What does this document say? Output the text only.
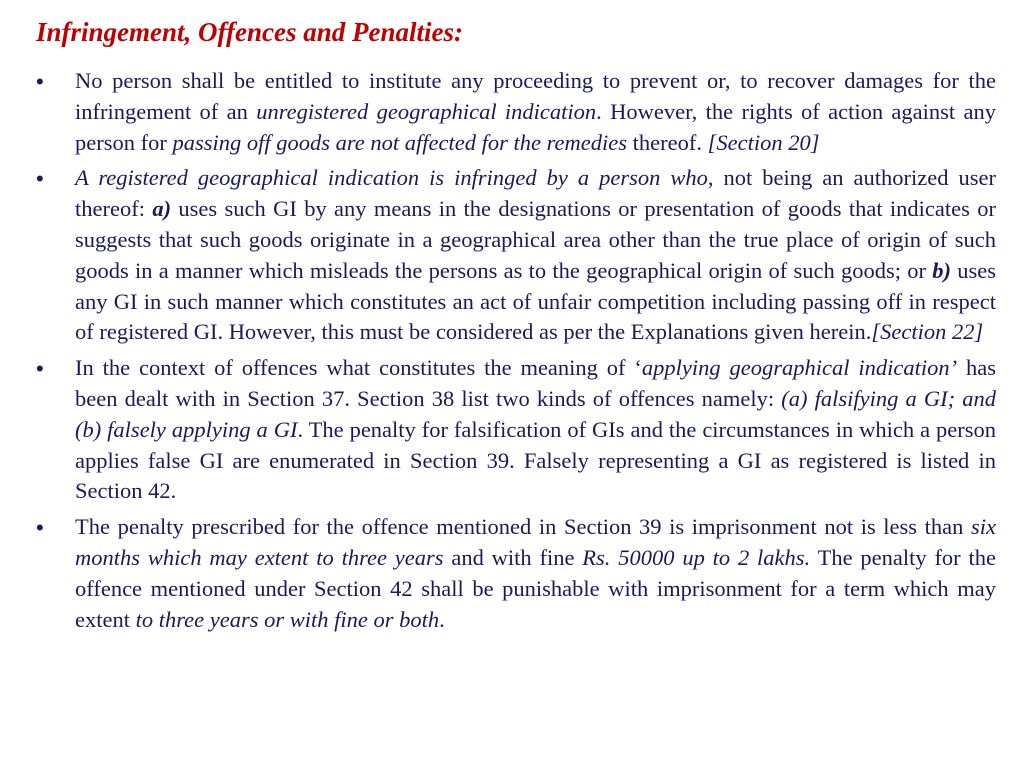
Infringement, Offences and Penalties:
• No person shall be entitled to institute any proceeding to prevent or, to recover damages for the infringement of an unregistered geographical indication. However, the rights of action against any person for passing off goods are not affected for the remedies thereof. [Section 20]

• A registered geographical indication is infringed by a person who, not being an authorized user thereof: a) uses such GI by any means in the designations or presentation of goods that indicates or suggests that such goods originate in a geographical area other than the true place of origin of such goods in a manner which misleads the persons as to the geographical origin of such goods; or b) uses any GI in such manner which constitutes an act of unfair competition including passing off in respect of registered GI. However, this must be considered as per the Explanations given herein.[Section 22]

• In the context of offences what constitutes the meaning of ‘applying geographical indication’ has been dealt with in Section 37. Section 38 list two kinds of offences namely: (a) falsifying a GI; and (b) falsely applying a GI. The penalty for falsification of GIs and the circumstances in which a person applies false GI are enumerated in Section 39. Falsely representing a GI as registered is listed in Section 42.

• The penalty prescribed for the offence mentioned in Section 39 is imprisonment not is less than six months which may extent to three years and with fine Rs. 50000 up to 2 lakhs. The penalty for the offence mentioned under Section 42 shall be punishable with imprisonment for a term which may extent to three years or with fine or both.
